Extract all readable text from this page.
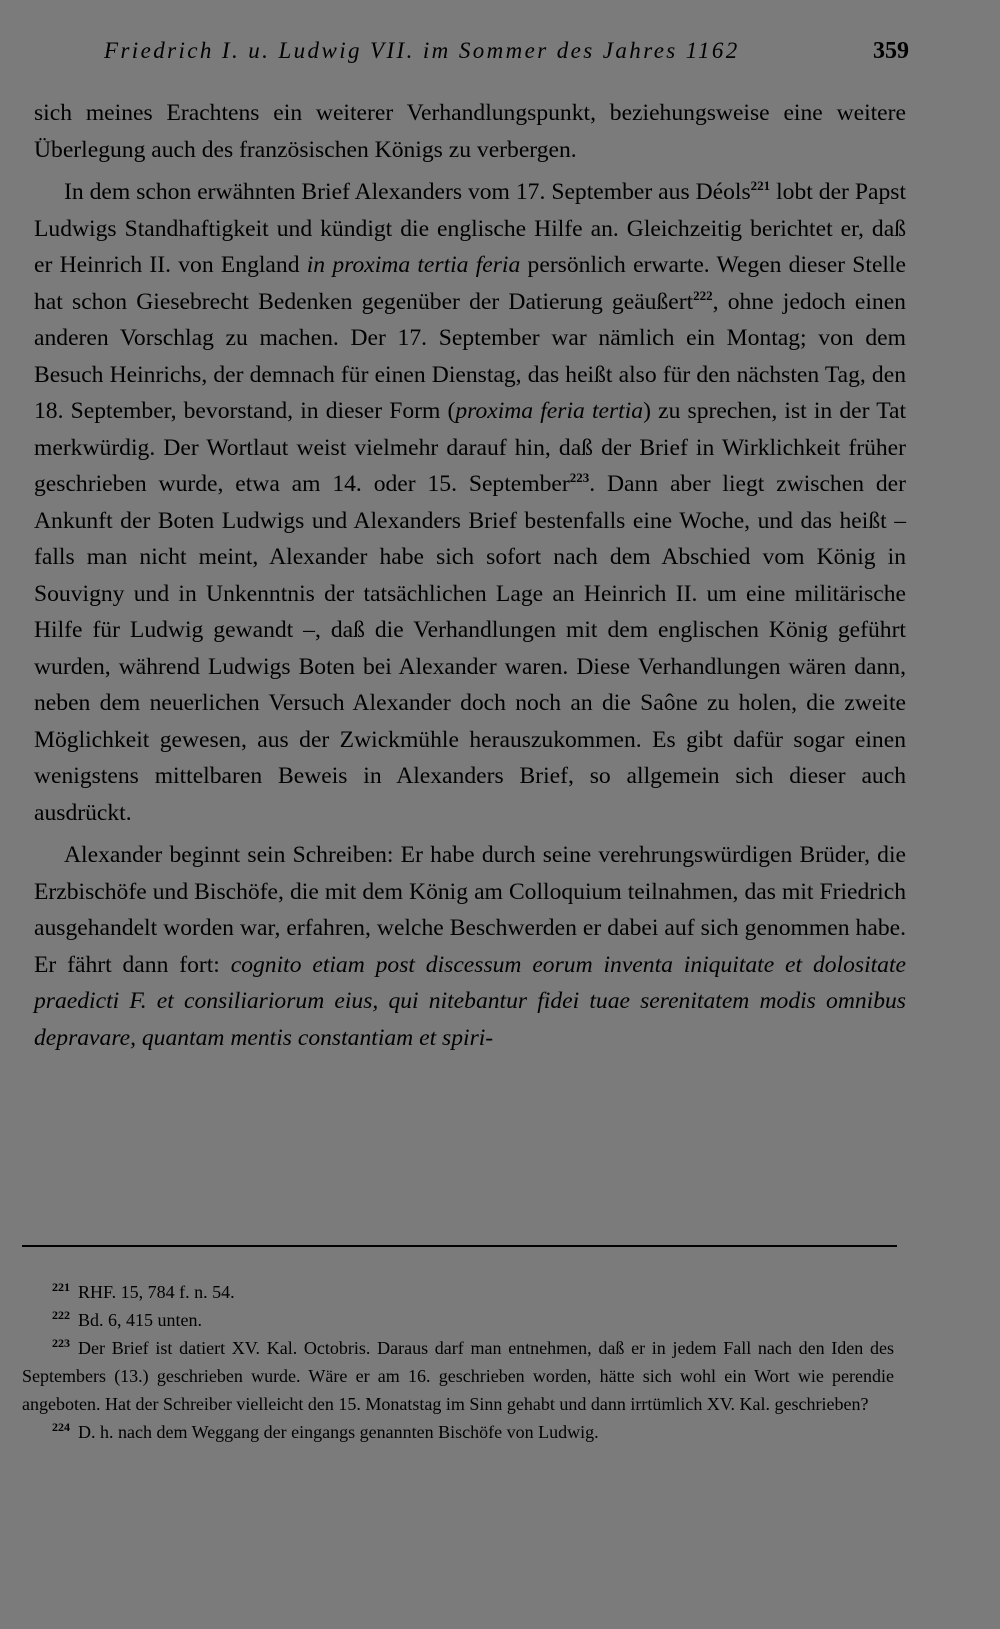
Friedrich I. u. Ludwig VII. im Sommer des Jahres 1162	359

sich meines Erachtens ein weiterer Verhandlungspunkt, beziehungsweise eine weitere Überlegung auch des französischen Königs zu verbergen.

In dem schon erwähnten Brief Alexanders vom 17. September aus Déols$^{221}$ lobt der Papst Ludwigs Standhaftigkeit und kündigt die englische Hilfe an. Gleichzeitig berichtet er, daß er Heinrich II. von England in proxima tertia feria persönlich erwarte. Wegen dieser Stelle hat schon Giesebrecht Bedenken gegenüber der Datierung geäußert$^{222}$, ohne jedoch einen anderen Vorschlag zu machen. Der 17. September war nämlich ein Montag; von dem Besuch Heinrichs, der demnach für einen Dienstag, das heißt also für den nächsten Tag, den 18. September, bevorstand, in dieser Form (proxima feria tertia) zu sprechen, ist in der Tat merkwürdig. Der Wortlaut weist vielmehr darauf hin, daß der Brief in Wirklichkeit früher geschrieben wurde, etwa am 14. oder 15. September$^{223}$. Dann aber liegt zwischen der Ankunft der Boten Ludwigs und Alexanders Brief bestenfalls eine Woche, und das heißt – falls man nicht meint, Alexander habe sich sofort nach dem Abschied vom König in Souvigny und in Unkenntnis der tatsächlichen Lage an Heinrich II. um eine militärische Hilfe für Ludwig gewandt –, daß die Verhandlungen mit dem englischen König geführt wurden, während Ludwigs Boten bei Alexander waren. Diese Verhandlungen wären dann, neben dem neuerlichen Versuch Alexander doch noch an die Saône zu holen, die zweite Möglichkeit gewesen, aus der Zwickmühle herauszukommen. Es gibt dafür sogar einen wenigstens mittelbaren Beweis in Alexanders Brief, so allgemein sich dieser auch ausdrückt.

Alexander beginnt sein Schreiben: Er habe durch seine verehrungswürdigen Brüder, die Erzbischöfe und Bischöfe, die mit dem König am Colloquium teilnahmen, das mit Friedrich ausgehandelt worden war, erfahren, welche Beschwerden er dabei auf sich genommen habe. Er fährt dann fort: cognito etiam post discessum eorum inventa iniquitate et dolositate praedicti F. et consiliariorum eius, qui nitebantur fidei tuae serenitatem modis omnibus depravare, quantam mentis constantiam et spiri-

$^{221}$ RHF. 15, 784 f. n. 54.

$^{222}$ Bd. 6, 415 unten.

$^{223}$ Der Brief ist datiert XV. Kal. Octobris. Daraus darf man entnehmen, daß er in jedem Fall nach den Iden des Septembers (13.) geschrieben wurde. Wäre er am 16. geschrieben worden, hätte sich wohl ein Wort wie perendie angeboten. Hat der Schreiber vielleicht den 15. Monatstag im Sinn gehabt und dann irrtümlich XV. Kal. geschrieben?

$^{224}$ D. h. nach dem Weggang der eingangs genannten Bischöfe von Ludwig.
